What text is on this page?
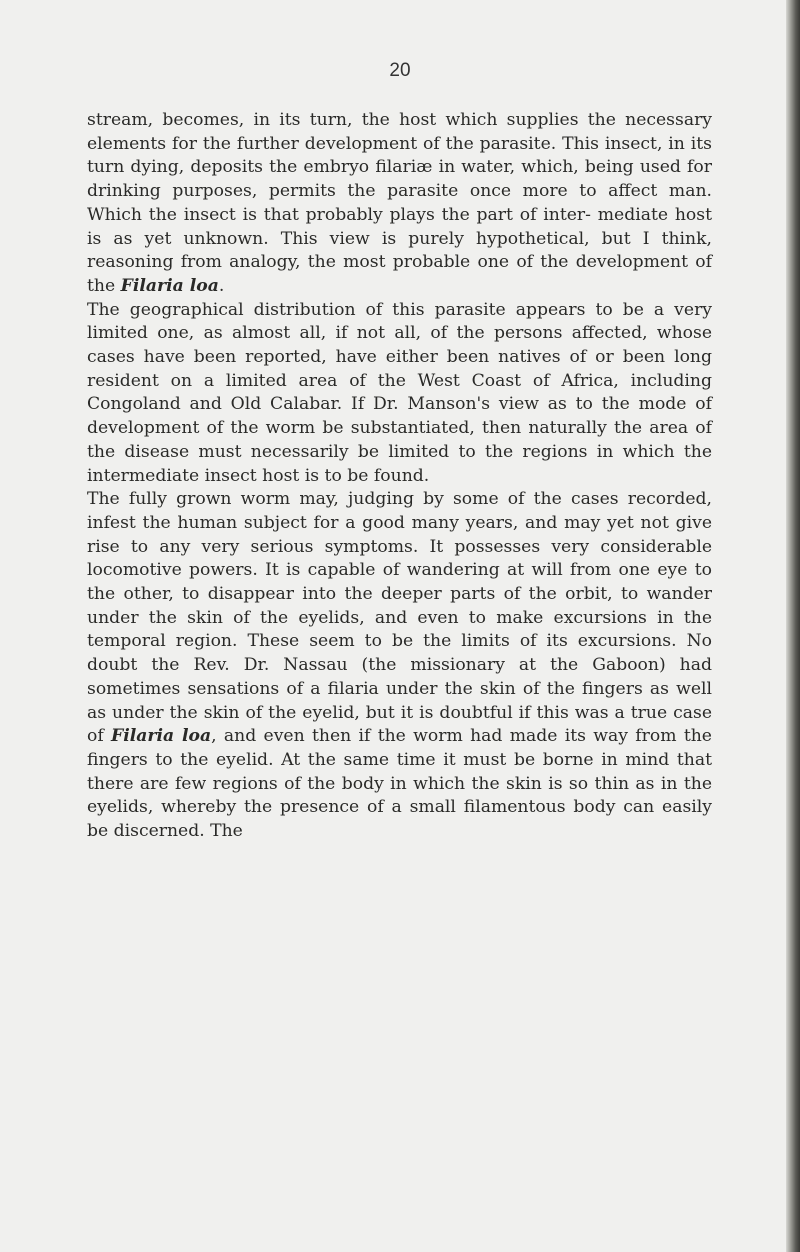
20

stream, becomes, in its turn, the host which supplies the necessary elements for the further development of the parasite. This insect, in its turn dying, deposits the embryo filariæ in water, which, being used for drinking purposes, permits the parasite once more to affect man. Which the insect is that probably plays the part of inter- mediate host is as yet unknown. This view is purely hypothetical, but I think, reasoning from analogy, the most probable one of the development of the Filaria loa.

The geographical distribution of this parasite appears to be a very limited one, as almost all, if not all, of the persons affected, whose cases have been reported, have either been natives of or been long resident on a limited area of the West Coast of Africa, including Congoland and Old Calabar. If Dr. Manson's view as to the mode of development of the worm be substantiated, then naturally the area of the disease must necessarily be limited to the regions in which the intermediate insect host is to be found.

The fully grown worm may, judging by some of the cases recorded, infest the human subject for a good many years, and may yet not give rise to any very serious symptoms. It possesses very considerable locomotive powers. It is capable of wandering at will from one eye to the other, to disappear into the deeper parts of the orbit, to wander under the skin of the eyelids, and even to make excursions in the temporal region. These seem to be the limits of its excursions. No doubt the Rev. Dr. Nassau (the missionary at the Gaboon) had sometimes sensations of a filaria under the skin of the fingers as well as under the skin of the eyelid, but it is doubtful if this was a true case of Filaria loa, and even then if the worm had made its way from the fingers to the eyelid. At the same time it must be borne in mind that there are few regions of the body in which the skin is so thin as in the eyelids, whereby the presence of a small filamentous body can easily be discerned. The
